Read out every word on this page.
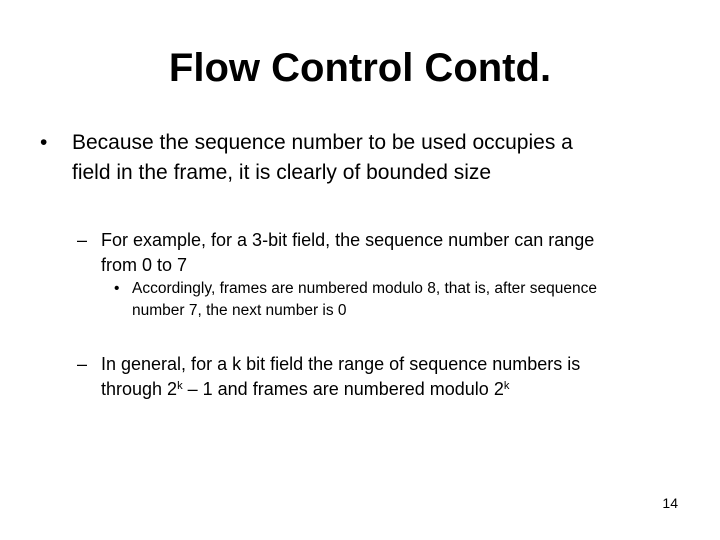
Flow Control Contd.
•	Because the sequence number to be used occupies a
field in the frame, it is clearly of bounded size
– For example, for a 3-bit field, the sequence number can range
from 0 to 7
• Accordingly, frames are numbered modulo 8, that is, after sequence
number 7, the next number is 0
– In general, for a k bit field the range of sequence numbers is
through 2$^k$ – 1 and frames are numbered modulo 2$^k$
14
